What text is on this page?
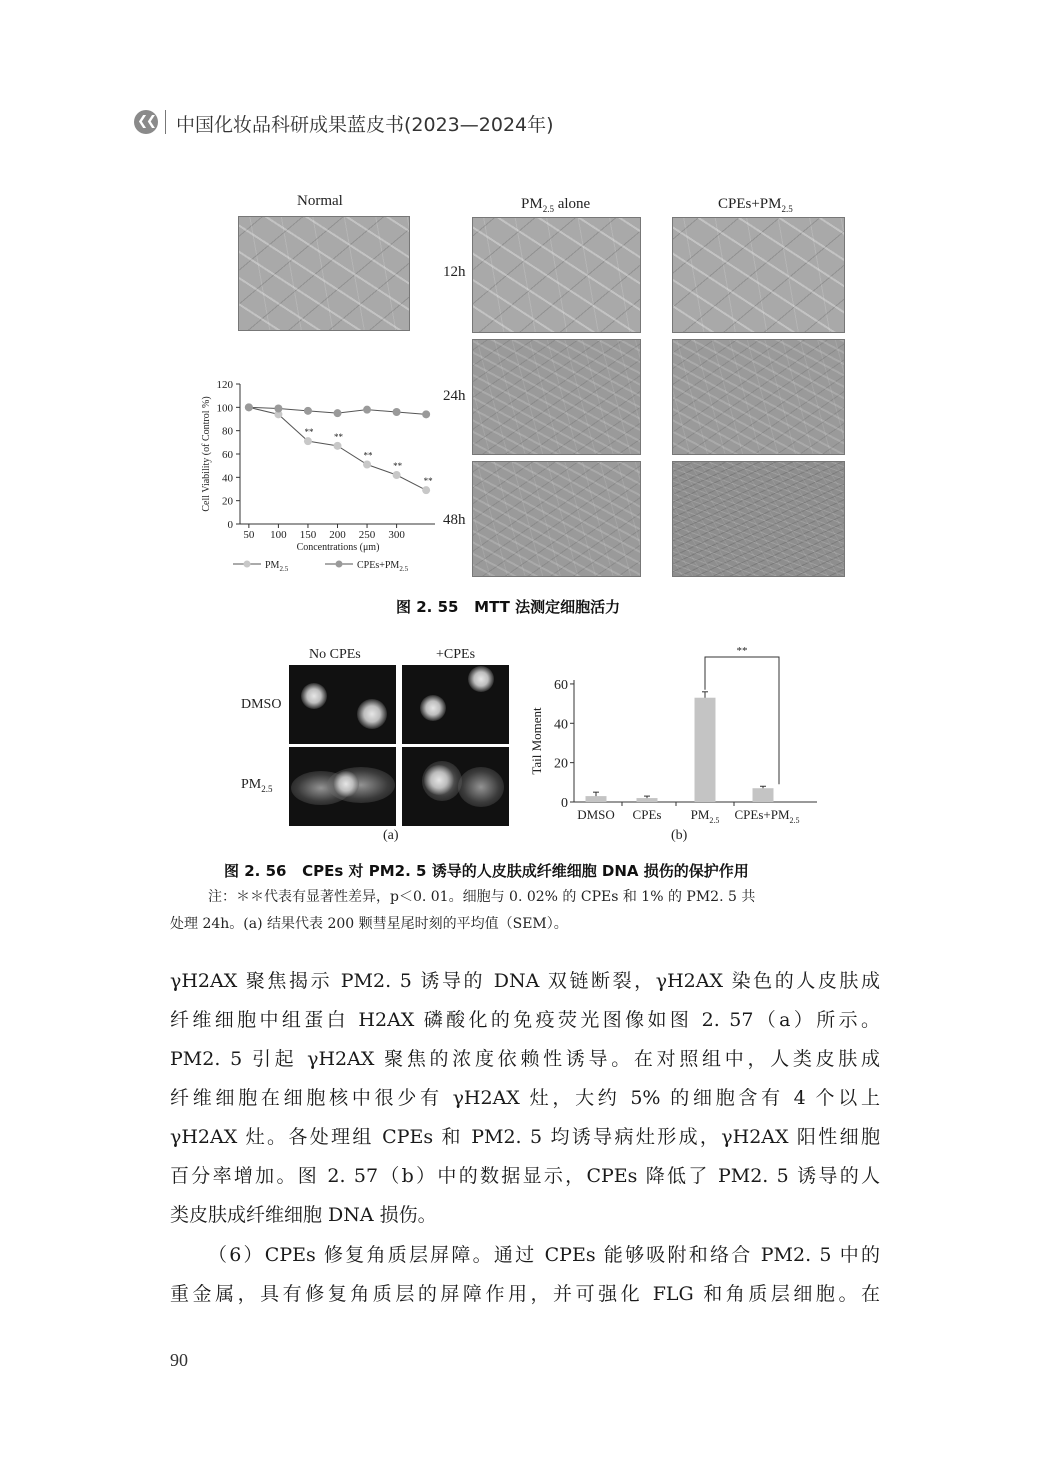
❮❮ 中国化妆品科研成果蓝皮书(2023—2024年)
Normal	$PM_{2.5}$ alone	$CPEs+PM_{2.5}$
12h
24h
48h
0
20
40
60
80
100
120
50 100 150 200 250 300
Concentrations (μm)
Cell Viability (of Control %)	** **
**
**
**
$PM_{2.5}$	$CPEs+PM_{2.5}$
图 2. 55 MTT 法测定细胞活力
No CPEs	+CPEs
DMSO
$PM_{2.5}$
(a)
0
20
40
60
Tail Moment
DMSO CPEs $PM_{2.5}$ $CPEs+PM_{2.5}$
**
(b)
图 2. 56 CPEs 对 PM2. 5 诱导的人皮肤成纤维细胞 DNA 损伤的保护作用
注：＊＊代表有显著性差异，p＜0. 01。细胞与 0. 02% 的 CPEs 和 1% 的 PM2. 5 共
处理 24h。(a) 结果代表 200 颗彗星尾时刻的平均值（SEM）。
γH2AX 聚焦揭示 PM2. 5 诱导的 DNA 双链断裂，γH2AX 染色的人皮肤成
纤维细胞中组蛋白 H2AX 磷酸化的免疫荧光图像如图 2. 57（a）所示。
PM2. 5 引起 γH2AX 聚焦的浓度依赖性诱导。在对照组中，人类皮肤成
纤维细胞在细胞核中很少有 γH2AX 灶，大约 5% 的细胞含有 4 个以上
γH2AX 灶。各处理组 CPEs 和 PM2. 5 均诱导病灶形成，γH2AX 阳性细胞
百分率增加。图 2. 57（b）中的数据显示，CPEs 降低了 PM2. 5 诱导的人
类皮肤成纤维细胞 DNA 损伤。
（6）CPEs 修复角质层屏障。通过 CPEs 能够吸附和络合 PM2. 5 中的
重金属，具有修复角质层的屏障作用，并可强化 FLG 和角质层细胞。在
90
